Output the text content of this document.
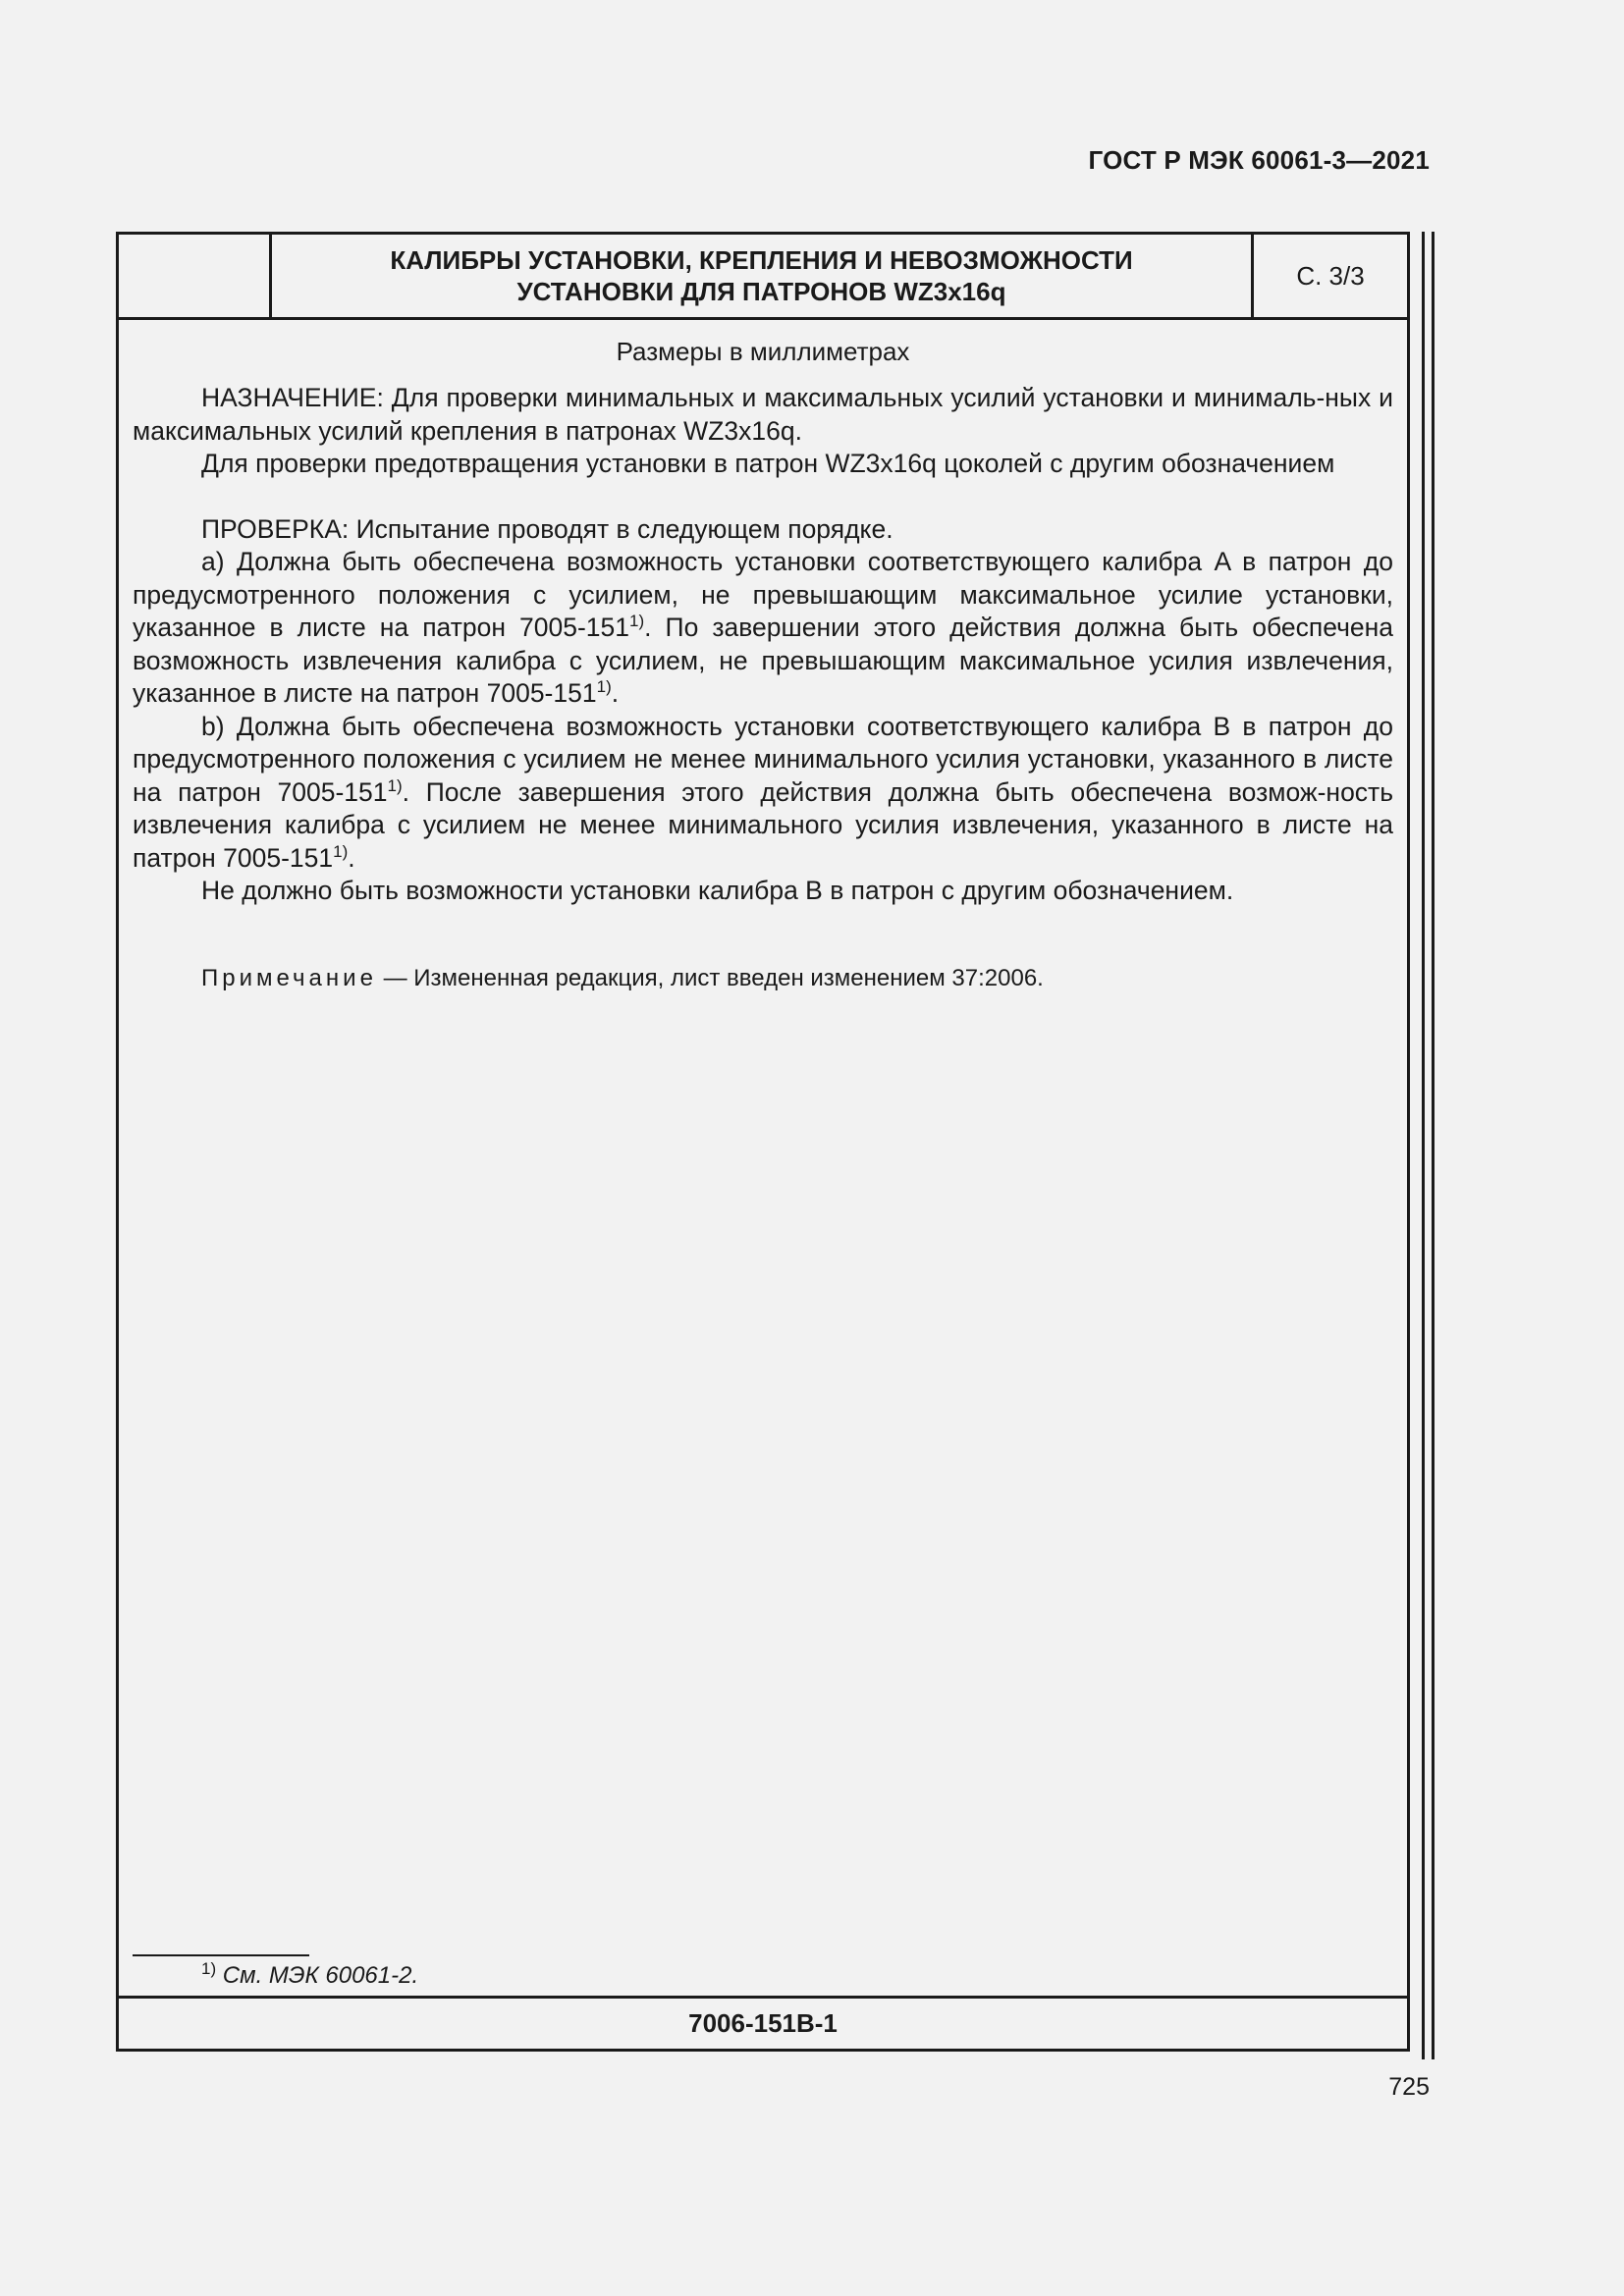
ГОСТ Р МЭК 60061-3—2021
КАЛИБРЫ УСТАНОВКИ, КРЕПЛЕНИЯ И НЕВОЗМОЖНОСТИ
УСТАНОВКИ ДЛЯ ПАТРОНОВ WZ3x16q
С. 3/3
Размеры в миллиметрах

НАЗНАЧЕНИЕ: Для проверки минимальных и максимальных усилий установки и минималь-ных и максимальных усилий крепления в патронах WZ3x16q.

Для проверки предотвращения установки в патрон WZ3x16q цоколей с другим обозначением

ПРОВЕРКА: Испытание проводят в следующем порядке.

а) Должна быть обеспечена возможность установки соответствующего калибра A в патрон до предусмотренного положения с усилием, не превышающим максимальное усилие установки, указанное в листе на патрон 7005-151$^{1)}$. По завершении этого действия должна быть обеспечена возможность извлечения калибра с усилием, не превышающим максимальное усилия извлечения, указанное в листе на патрон 7005-151$^{1)}$.

b) Должна быть обеспечена возможность установки соответствующего калибра B в патрон до предусмотренного положения с усилием не менее минимального усилия установки, указанного в листе на патрон 7005-151$^{1)}$. После завершения этого действия должна быть обеспечена возмож-ность извлечения калибра с усилием не менее минимального усилия извлечения, указанного в листе на патрон 7005-151$^{1)}$.

Не должно быть возможности установки калибра B в патрон с другим обозначением.

Примечание — Измененная редакция, лист введен изменением 37:2006.
$^{1)}$ См. МЭК 60061-2.
7006-151B-1
725
